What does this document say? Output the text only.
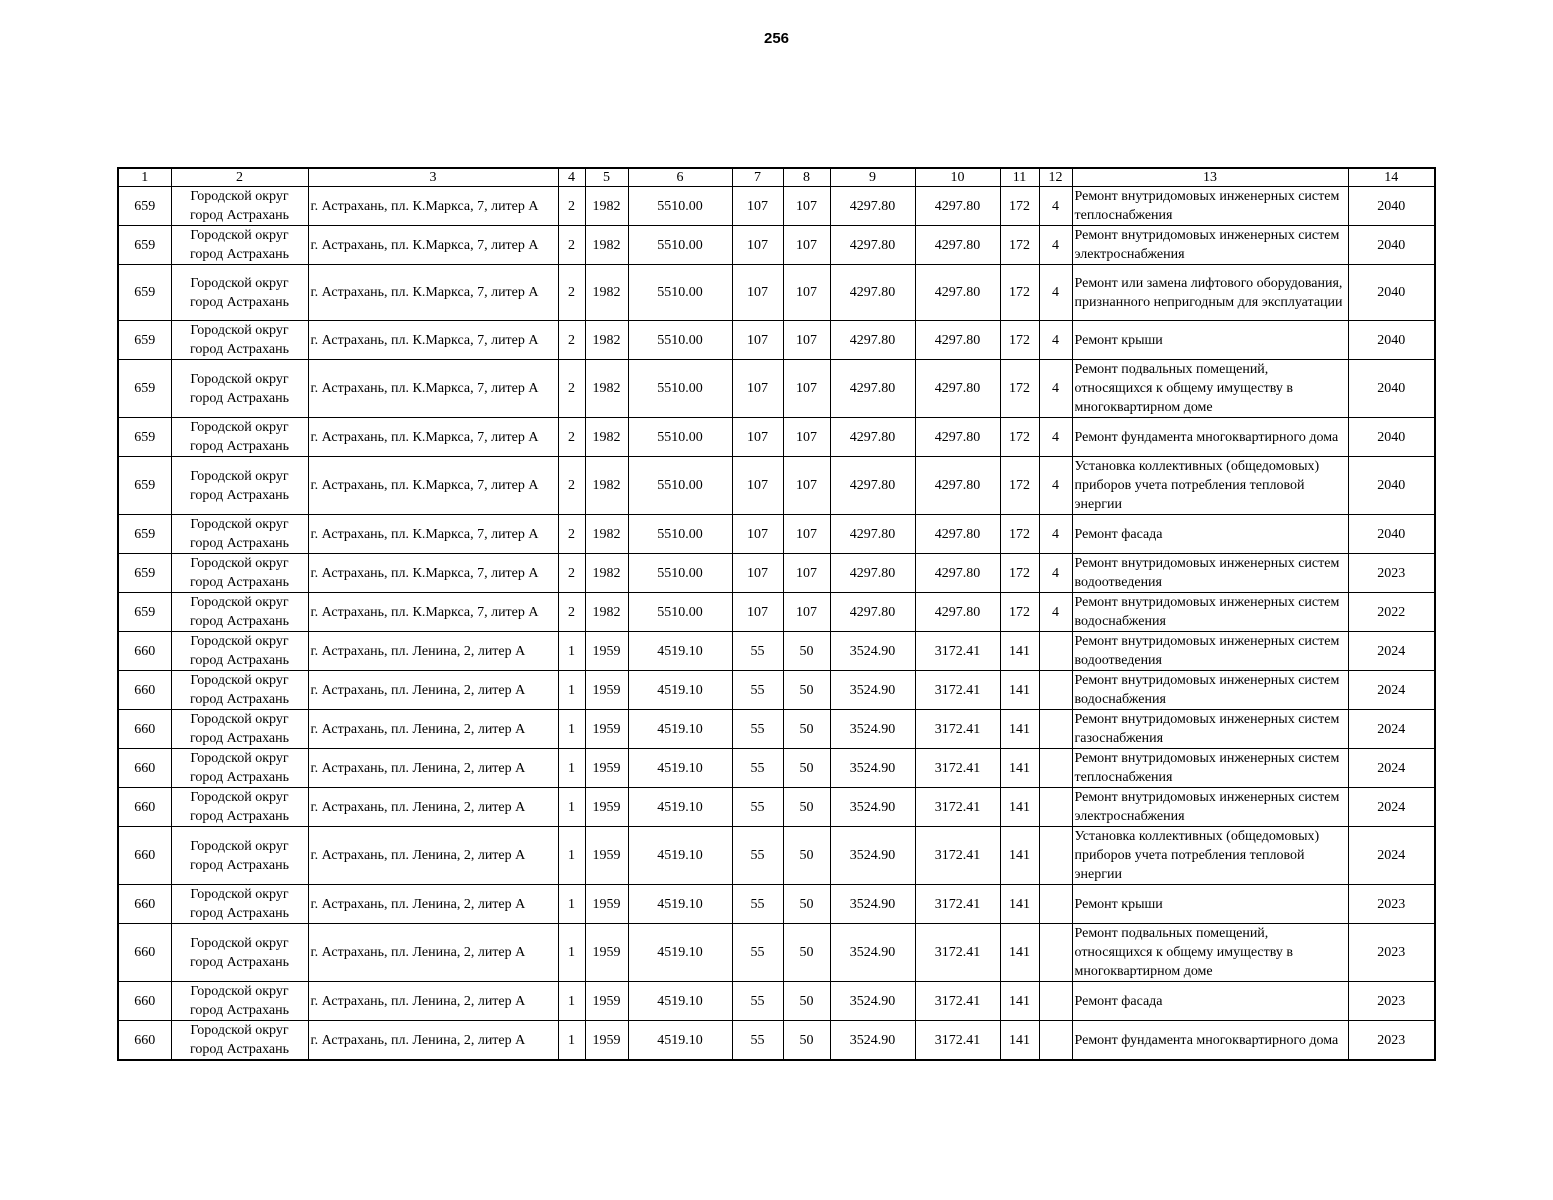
256
1	2	3	4	5	6	7	8	9	10	11	12	13	14
659	Городской округ город Астрахань	г. Астрахань, пл. К.Маркса, 7, литер А	2	1982	5510.00	107	107	4297.80	4297.80	172	4	Ремонт внутридомовых инженерных систем теплоснабжения	2040
659	Городской округ город Астрахань	г. Астрахань, пл. К.Маркса, 7, литер А	2	1982	5510.00	107	107	4297.80	4297.80	172	4	Ремонт внутридомовых инженерных систем электроснабжения	2040
659	Городской округ город Астрахань	г. Астрахань, пл. К.Маркса, 7, литер А	2	1982	5510.00	107	107	4297.80	4297.80	172	4	Ремонт или замена лифтового оборудования, признанного непригодным для эксплуатации	2040
659	Городской округ город Астрахань	г. Астрахань, пл. К.Маркса, 7, литер А	2	1982	5510.00	107	107	4297.80	4297.80	172	4	Ремонт крыши	2040
659	Городской округ город Астрахань	г. Астрахань, пл. К.Маркса, 7, литер А	2	1982	5510.00	107	107	4297.80	4297.80	172	4	Ремонт подвальных помещений, относящихся к общему имуществу в многоквартирном доме	2040
659	Городской округ город Астрахань	г. Астрахань, пл. К.Маркса, 7, литер А	2	1982	5510.00	107	107	4297.80	4297.80	172	4	Ремонт фундамента многоквартирного дома	2040
659	Городской округ город Астрахань	г. Астрахань, пл. К.Маркса, 7, литер А	2	1982	5510.00	107	107	4297.80	4297.80	172	4	Установка коллективных (общедомовых) приборов учета потребления тепловой энергии	2040
659	Городской округ город Астрахань	г. Астрахань, пл. К.Маркса, 7, литер А	2	1982	5510.00	107	107	4297.80	4297.80	172	4	Ремонт фасада	2040
659	Городской округ город Астрахань	г. Астрахань, пл. К.Маркса, 7, литер А	2	1982	5510.00	107	107	4297.80	4297.80	172	4	Ремонт внутридомовых инженерных систем водоотведения	2023
659	Городской округ город Астрахань	г. Астрахань, пл. К.Маркса, 7, литер А	2	1982	5510.00	107	107	4297.80	4297.80	172	4	Ремонт внутридомовых инженерных систем водоснабжения	2022
660	Городской округ город Астрахань	г. Астрахань, пл. Ленина, 2, литер А	1	1959	4519.10	55	50	3524.90	3172.41	141		Ремонт внутридомовых инженерных систем водоотведения	2024
660	Городской округ город Астрахань	г. Астрахань, пл. Ленина, 2, литер А	1	1959	4519.10	55	50	3524.90	3172.41	141		Ремонт внутридомовых инженерных систем водоснабжения	2024
660	Городской округ город Астрахань	г. Астрахань, пл. Ленина, 2, литер А	1	1959	4519.10	55	50	3524.90	3172.41	141		Ремонт внутридомовых инженерных систем газоснабжения	2024
660	Городской округ город Астрахань	г. Астрахань, пл. Ленина, 2, литер А	1	1959	4519.10	55	50	3524.90	3172.41	141		Ремонт внутридомовых инженерных систем теплоснабжения	2024
660	Городской округ город Астрахань	г. Астрахань, пл. Ленина, 2, литер А	1	1959	4519.10	55	50	3524.90	3172.41	141		Ремонт внутридомовых инженерных систем электроснабжения	2024
660	Городской округ город Астрахань	г. Астрахань, пл. Ленина, 2, литер А	1	1959	4519.10	55	50	3524.90	3172.41	141		Установка коллективных (общедомовых) приборов учета потребления тепловой энергии	2024
660	Городской округ город Астрахань	г. Астрахань, пл. Ленина, 2, литер А	1	1959	4519.10	55	50	3524.90	3172.41	141		Ремонт крыши	2023
660	Городской округ город Астрахань	г. Астрахань, пл. Ленина, 2, литер А	1	1959	4519.10	55	50	3524.90	3172.41	141		Ремонт подвальных помещений, относящихся к общему имуществу в многоквартирном доме	2023
660	Городской округ город Астрахань	г. Астрахань, пл. Ленина, 2, литер А	1	1959	4519.10	55	50	3524.90	3172.41	141		Ремонт фасада	2023
660	Городской округ город Астрахань	г. Астрахань, пл. Ленина, 2, литер А	1	1959	4519.10	55	50	3524.90	3172.41	141		Ремонт фундамента многоквартирного дома	2023
